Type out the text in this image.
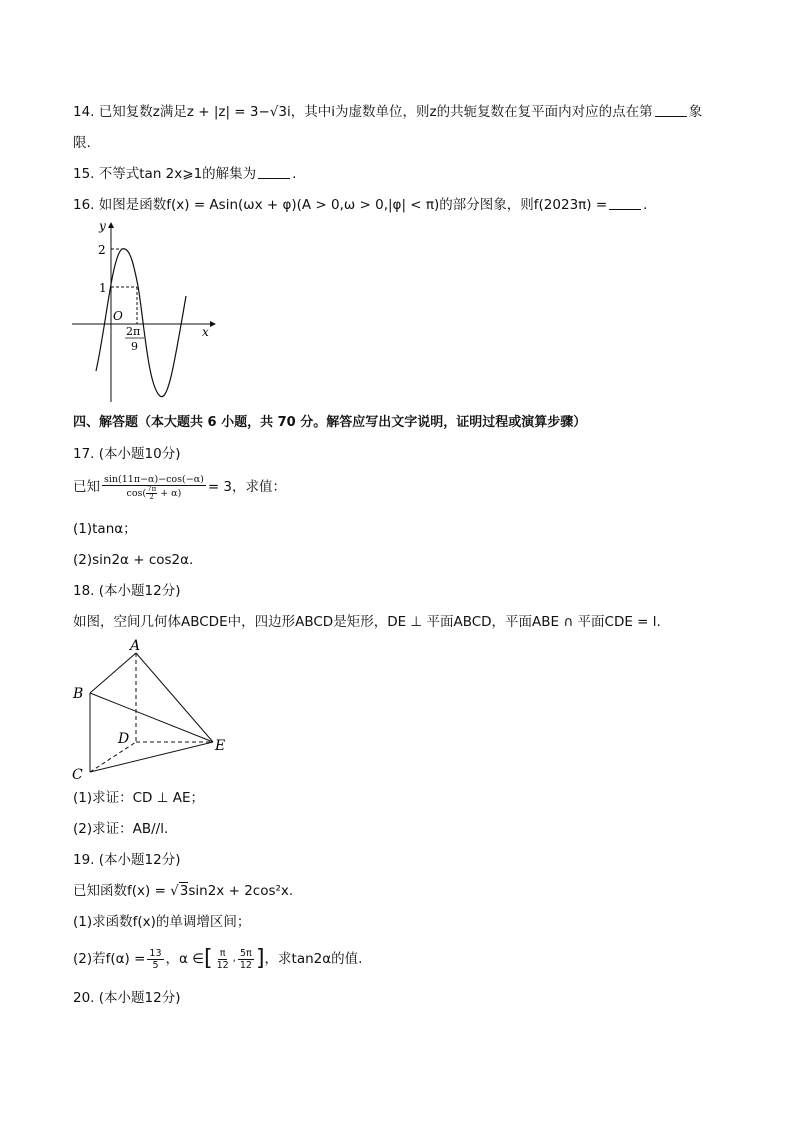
14. 已知复数z满足z + |z| = 3−√3i，其中i为虚数单位，则z的共轭复数在复平面内对应的点在第	象
限.
15. 不等式tan 2x⩾1的解集为	.
16. 如图是函数f(x) = Asin(ωx + φ)(A > 0,ω > 0,|φ| < π)的部分图象，则f(2023π) =	.
y
x
2
1
O
2π
9
四、解答题（本大题共 6 小题，共 70 分。解答应写出文字说明，证明过程或演算步骤）
17. (本小题10分)
已知 $\frac{\sin(11\pi-\alpha)-\cos(-\alpha)}{\cos( \frac{7\pi}{2} + \alpha)} = 3$，求值：
(1)tanα；
(2)sin2α + cos2α.
18. (本小题12分)
如图，空间几何体ABCDE中，四边形ABCD是矩形，DE ⊥ 平面ABCD，平面ABE ∩ 平面CDE = l.
A
B
C
D	E
(1)求证：CD ⊥ AE；
(2)求证：AB//l.
19. (本小题12分)
已知函数f(x) = √3sin2x + 2cos²x.
(1)求函数f(x)的单调增区间；
(2)若$f(\alpha) = \frac{13}{5}$ ，α ∈ [ $\frac{\pi}{12}$ , $\frac{5\pi}{12}$ ] ，求tan2α的值.
20. (本小题12分)
